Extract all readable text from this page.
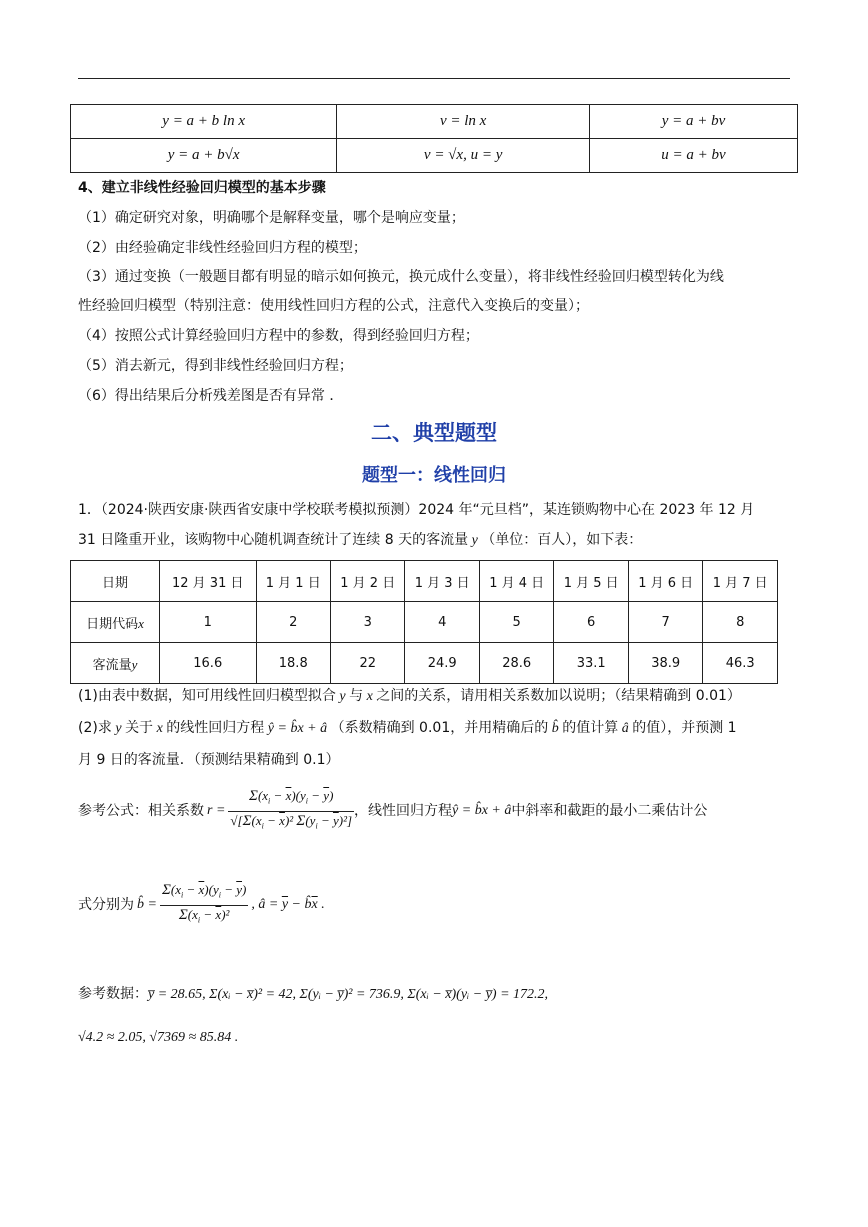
y = a + b ln x	v = ln x	y = a + bv
y = a + b√x	v = √x, u = y	u = a + bv
4、建立非线性经验回归模型的基本步骤
（1）确定研究对象，明确哪个是解释变量，哪个是响应变量；
（2）由经验确定非线性经验回归方程的模型；
（3）通过变换（一般题目都有明显的暗示如何换元，换元成什么变量），将非线性经验回归模型转化为线
性经验回归模型（特别注意：使用线性回归方程的公式，注意代入变换后的变量）；
（4）按照公式计算经验回归方程中的参数，得到经验回归方程；
（5）消去新元，得到非线性经验回归方程；
（6）得出结果后分析残差图是否有异常 ．
二、典型题型
题型一：线性回归
1．（2024·陕西安康·陕西省安康中学校联考模拟预测）2024 年“元旦档”，某连锁购物中心在 2023 年 12 月
31 日隆重开业，该购物中心随机调查统计了连续 8 天的客流量 y （单位：百人），如下表：
日期	12 月 31 日	1 月 1 日	1 月 2 日	1 月 3 日	1 月 4 日	1 月 5 日	1 月 6 日	1 月 7 日
日期代码x	1	2	3	4	5	6	7	8
客流量y	16.6	18.8	22	24.9	28.6	33.1	38.9	46.3
(1)由表中数据，知可用线性回归模型拟合 y 与 x 之间的关系，请用相关系数加以说明；（结果精确到 0.01）
(2)求 y 关于 x 的线性回归方程 ŷ = b̂x + â （系数精确到 0.01，并用精确后的 b̂ 的值计算 â 的值），并预测 1
月 9 日的客流量．（预测结果精确到 0.1）
参考公式：相关系数 $r = \frac{\Sigma(x_i - \overline{x})(y_i - \overline{y})}{√[\Sigma(x_i - \overline{x})^2 \Sigma(y_i - \overline{y})^2]}$ ，线性回归方程 ŷ = b̂x + â 中斜率和截距的最小二乘估计公
式分别为 b̂ = $\frac{\Sigma(x_i - \overline{x})(y_i - \overline{y})}{\Sigma(x_i - \overline{x})^2}$ , â = $\overline{y}$ − $b̂\overline{x}$ .
参考数据：y̅ = 28.65, Σ(xᵢ − x̅)² = 42, Σ(yᵢ − y̅)² = 736.9, Σ(xᵢ − x̅)(yᵢ − y̅) = 172.2,
√4.2 ≈ 2.05, √7369 ≈ 85.84 .
